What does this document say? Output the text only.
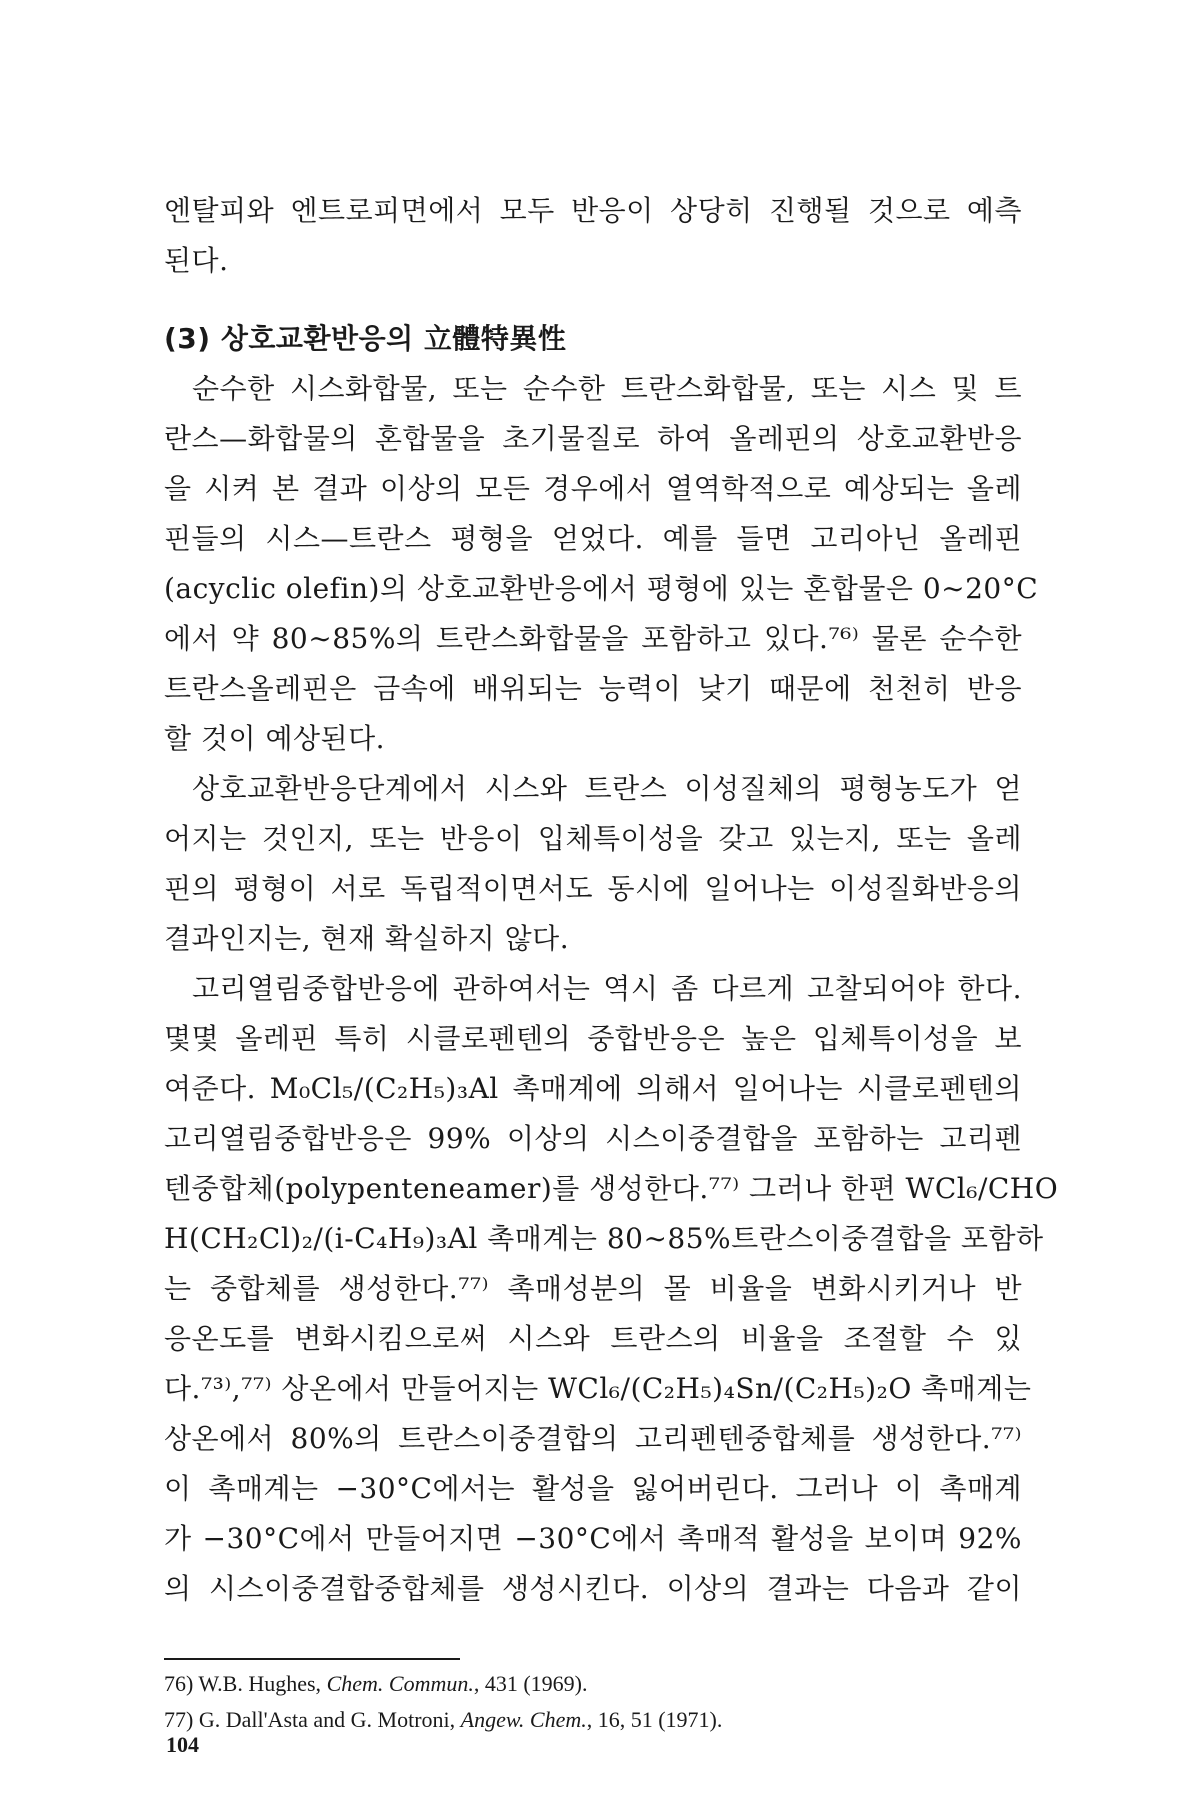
엔탈피와 엔트로피면에서 모두 반응이 상당히 진행될 것으로 예측
된다.
(3) 상호교환반응의 立體特異性
순수한 시스화합물, 또는 순수한 트란스화합물, 또는 시스 및 트
란스—화합물의 혼합물을 초기물질로 하여 올레핀의 상호교환반응
을 시켜 본 결과 이상의 모든 경우에서 열역학적으로 예상되는 올레
핀들의 시스—트란스 평형을 얻었다. 예를 들면 고리아닌 올레핀
(acyclic olefin)의 상호교환반응에서 평형에 있는 혼합물은 0∼20°C
에서 약 80∼85%의 트란스화합물을 포함하고 있다.⁷⁶⁾ 물론 순수한
트란스올레핀은 금속에 배위되는 능력이 낮기 때문에 천천히 반응
할 것이 예상된다.
상호교환반응단계에서 시스와 트란스 이성질체의 평형농도가 얻
어지는 것인지, 또는 반응이 입체특이성을 갖고 있는지, 또는 올레
핀의 평형이 서로 독립적이면서도 동시에 일어나는 이성질화반응의
결과인지는, 현재 확실하지 않다.
고리열림중합반응에 관하여서는 역시 좀 다르게 고찰되어야 한다.
몇몇 올레핀 특히 시클로펜텐의 중합반응은 높은 입체특이성을 보
여준다. M₀Cl₅/(C₂H₅)₃Al 촉매계에 의해서 일어나는 시클로펜텐의
고리열림중합반응은 99% 이상의 시스이중결합을 포함하는 고리펜
텐중합체(polypenteneamer)를 생성한다.⁷⁷⁾ 그러나 한편 WCl₆/CHO
H(CH₂Cl)₂/(i-C₄H₉)₃Al 촉매계는 80∼85%트란스이중결합을 포함하
는 중합체를 생성한다.⁷⁷⁾ 촉매성분의 몰 비율을 변화시키거나 반
응온도를 변화시킴으로써 시스와 트란스의 비율을 조절할 수 있
다.⁷³⁾,⁷⁷⁾ 상온에서 만들어지는 WCl₆/(C₂H₅)₄Sn/(C₂H₅)₂O 촉매계는
상온에서 80%의 트란스이중결합의 고리펜텐중합체를 생성한다.⁷⁷⁾
이 촉매계는 −30°C에서는 활성을 잃어버린다. 그러나 이 촉매계
가 −30°C에서 만들어지면 −30°C에서 촉매적 활성을 보이며 92%
의 시스이중결합중합체를 생성시킨다. 이상의 결과는 다음과 같이
76) W.B. Hughes, Chem. Commun., 431 (1969).
77) G. Dall'Asta and G. Motroni, Angew. Chem., 16, 51 (1971).
104
